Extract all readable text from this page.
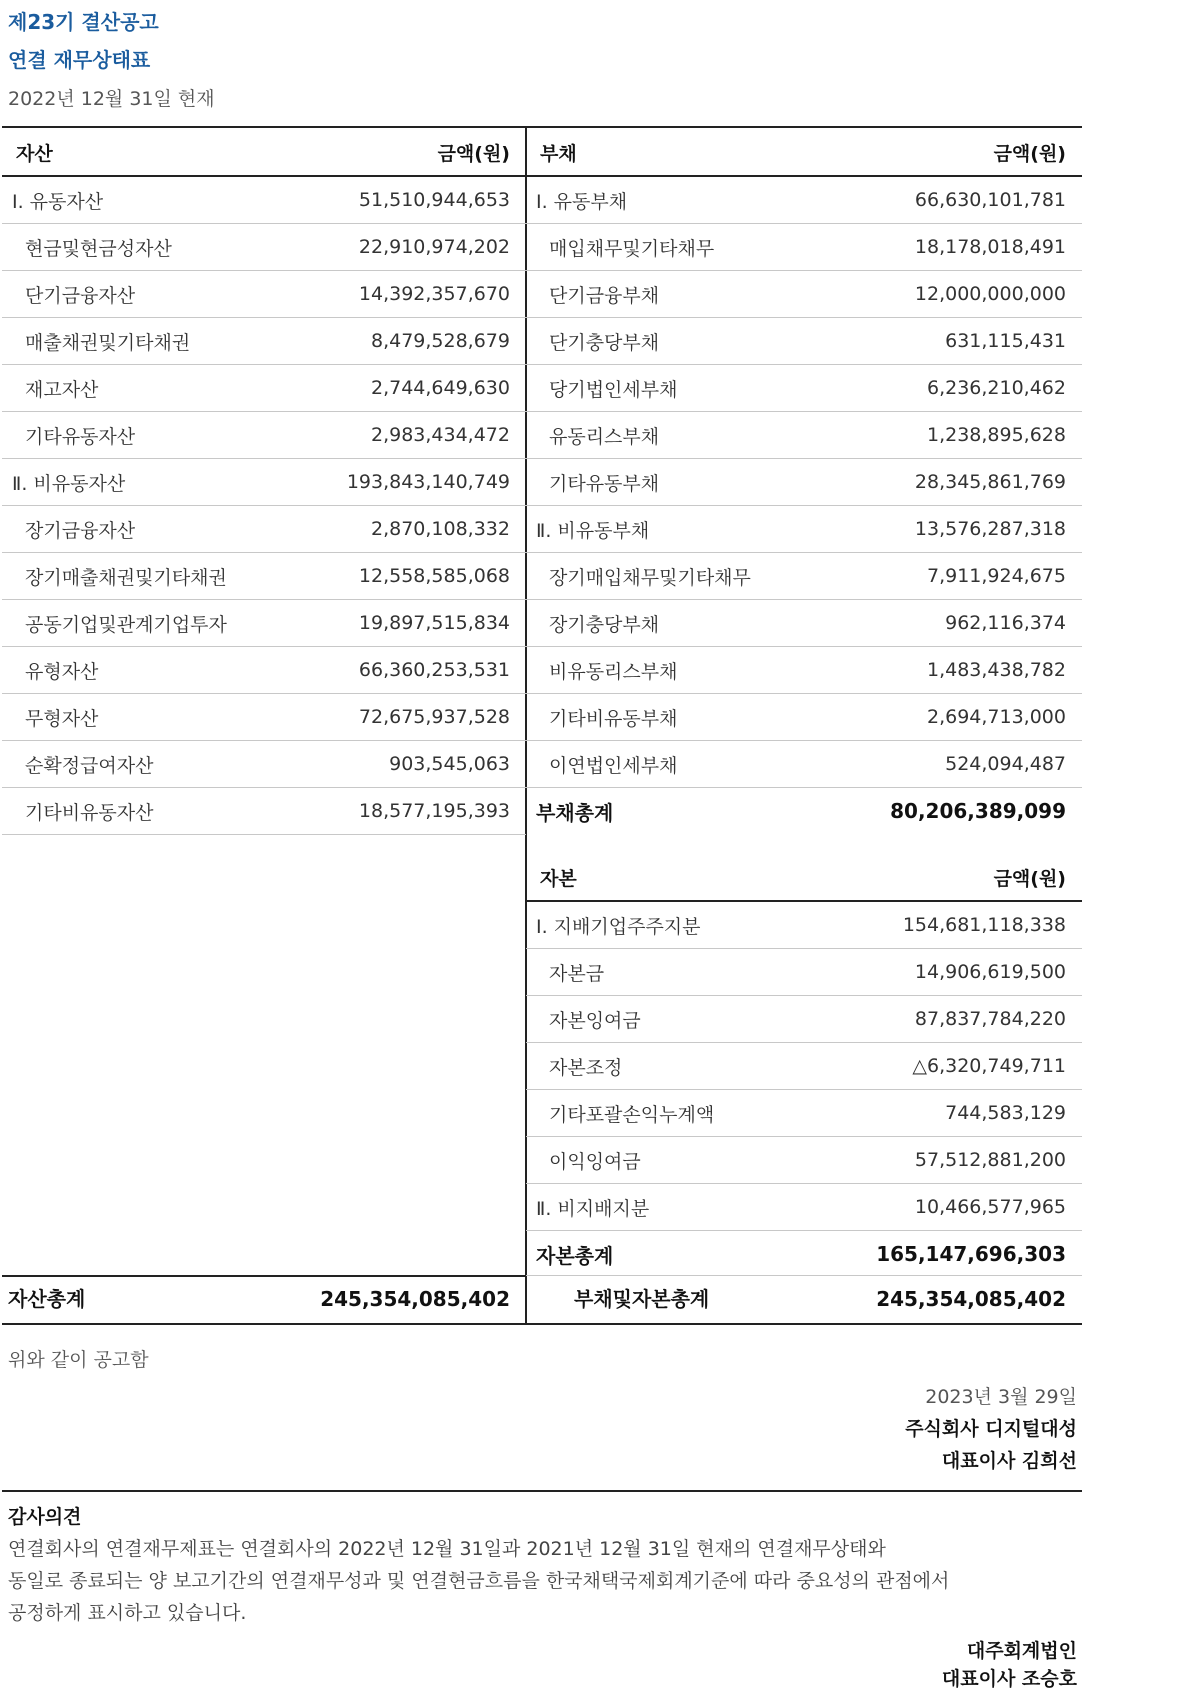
제23기 결산공고
연결 재무상태표
2022년 12월 31일 현재
자산	금액(원)
Ⅰ. 유동자산	51,510,944,653
현금및현금성자산	22,910,974,202
단기금융자산	14,392,357,670
매출채권및기타채권	8,479,528,679
재고자산	2,744,649,630
기타유동자산	2,983,434,472
Ⅱ. 비유동자산	193,843,140,749
장기금융자산	2,870,108,332
장기매출채권및기타채권	12,558,585,068
공동기업및관계기업투자	19,897,515,834
유형자산	66,360,253,531
무형자산	72,675,937,528
순확정급여자산	903,545,063
기타비유동자산	18,577,195,393
부채	금액(원)
Ⅰ. 유동부채	66,630,101,781
매입채무및기타채무	18,178,018,491
단기금융부채	12,000,000,000
단기충당부채	631,115,431
당기법인세부채	6,236,210,462
유동리스부채	1,238,895,628
기타유동부채	28,345,861,769
Ⅱ. 비유동부채	13,576,287,318
장기매입채무및기타채무	7,911,924,675
장기충당부채	962,116,374
비유동리스부채	1,483,438,782
기타비유동부채	2,694,713,000
이연법인세부채	524,094,487
부채총계	80,206,389,099
자본	금액(원)
Ⅰ. 지배기업주주지분	154,681,118,338
자본금	14,906,619,500
자본잉여금	87,837,784,220
자본조정	△6,320,749,711
기타포괄손익누계액	744,583,129
이익잉여금	57,512,881,200
Ⅱ. 비지배지분	10,466,577,965
자본총계	165,147,696,303
자산총계	245,354,085,402	부채및자본총계	245,354,085,402
위와 같이 공고함
2023년 3월 29일
주식회사 디지털대성
대표이사 김희선
감사의견
연결회사의 연결재무제표는 연결회사의 2022년 12월 31일과 2021년 12월 31일 현재의 연결재무상태와
동일로 종료되는 양 보고기간의 연결재무성과 및 연결현금흐름을 한국채택국제회계기준에 따라 중요성의 관점에서
공정하게 표시하고 있습니다.
대주회계법인
대표이사 조승호
